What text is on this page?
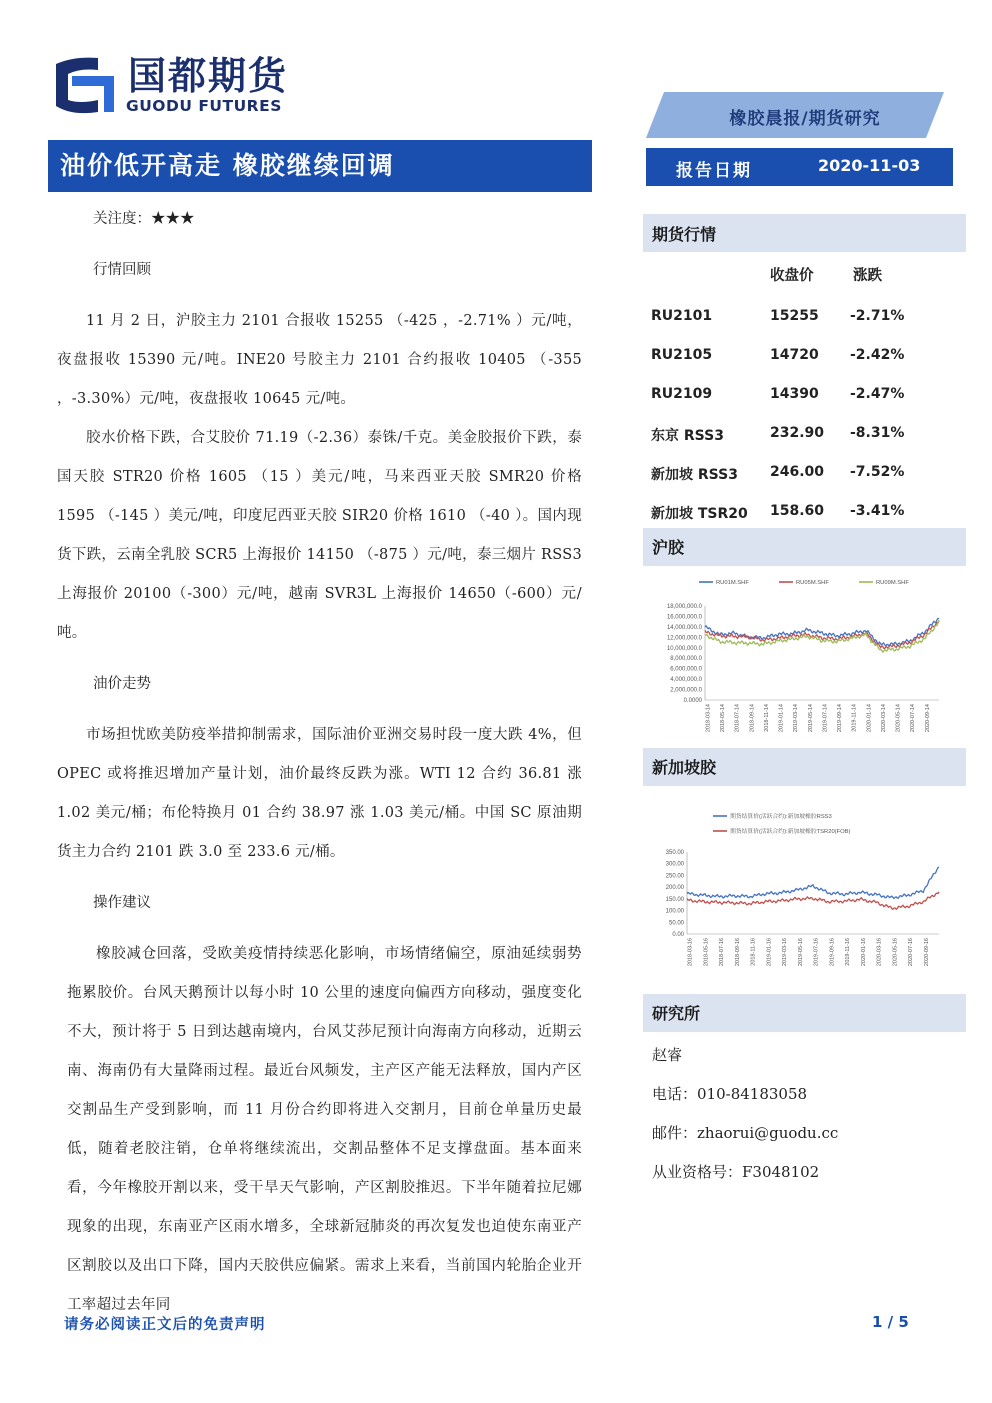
国都期货
GUODU FUTURES
橡胶晨报/期货研究
油价低开高走 橡胶继续回调	报告日期	2020-11-03

关注度：★★★

行情回顾

11 月 2 日，沪胶主力 2101 合报收 15255 （-425 ，-2.71% ）元/吨，夜盘报收 15390 元/吨。INE20 号胶主力 2101 合约报收 10405 （-355 ，-3.30%）元/吨，夜盘报收 10645 元/吨。

胶水价格下跌，合艾胶价 71.19（-2.36）泰铢/千克。美金胶报价下跌，泰国天胶 STR20 价格 1605 （15 ）美元/吨，马来西亚天胶 SMR20 价格 1595 （-145 ）美元/吨，印度尼西亚天胶 SIR20 价格 1610 （-40 ）。国内现货下跌，云南全乳胶 SCR5 上海报价 14150 （-875 ）元/吨，泰三烟片 RSS3 上海报价 20100（-300）元/吨，越南 SVR3L 上海报价 14650（-600）元/吨。

油价走势

市场担忧欧美防疫举措抑制需求，国际油价亚洲交易时段一度大跌 4%，但 OPEC 或将推迟增加产量计划，油价最终反跌为涨。WTI 12 合约 36.81 涨 1.02 美元/桶；布伦特换月 01 合约 38.97 涨 1.03 美元/桶。中国 SC 原油期货主力合约 2101 跌 3.0 至 233.6 元/桶。

操作建议

橡胶减仓回落，受欧美疫情持续恶化影响，市场情绪偏空，原油延续弱势拖累胶价。台风天鹅预计以每小时 10 公里的速度向偏西方向移动，强度变化不大，预计将于 5 日到达越南境内，台风艾莎尼预计向海南方向移动，近期云南、海南仍有大量降雨过程。最近台风频发，主产区产能无法释放，国内产区交割品生产受到影响，而 11 月份合约即将进入交割月，目前仓单量历史最低，随着老胶注销，仓单将继续流出，交割品整体不足支撑盘面。基本面来看，今年橡胶开割以来，受干旱天气影响，产区割胶推迟。下半年随着拉尼娜现象的出现，东南亚产区雨水增多，全球新冠肺炎的再次复发也迫使东南亚产区割胶以及出口下降，国内天胶供应偏紧。需求上来看，当前国内轮胎企业开工率超过去年同

期货行情
收盘价	涨跌
RU2101	15255 -2.71%
RU2105	14720 -2.42%
RU2109	14390 -2.47%
东京 RSS3	232.90 -8.31%
新加坡 RSS3 246.00 -7.52%
新加坡 TSR20 158.60 -3.41%
沪胶
18,000,000.0
16,000,000.0
14,000,000.0
12,000,000.0
10,000,000.0
8,000,000.0
6,000,000.0
4,000,000.0
2,000,000.0
0.0000
2018-03-14 2018-05-14 2018-07-14 2018-09-14 2018-11-14 2019-01-14 2019-03-14 2019-05-14 2019-07-14 2019-09-14 2019-11-14 2020-01-14 2020-03-14 2020-05-14 2020-07-14 2020-09-14
RU01M.SHF	RU05M.SHF	RU09M.SHF
新加坡胶
350.00
300.00
250.00
200.00
150.00
100.00
50.00
0.00
2018-03-16 2018-05-16 2018-07-16 2018-09-16 2018-11-16 2019-01-16 2019-03-16 2019-05-16 2019-07-16 2019-09-16 2019-11-16 2020-01-16 2020-03-16 2020-05-16 2020-07-16 2020-09-16
期货结算价(活跃合约):新加坡橡胶RSS3
期货结算价(活跃合约):新加坡橡胶TSR20(FOB)
研究所
赵睿
电话：010-84183058
邮件：zhaorui@guodu.cc
从业资格号：F3048102
请务必阅读正文后的免责声明	1 / 5
